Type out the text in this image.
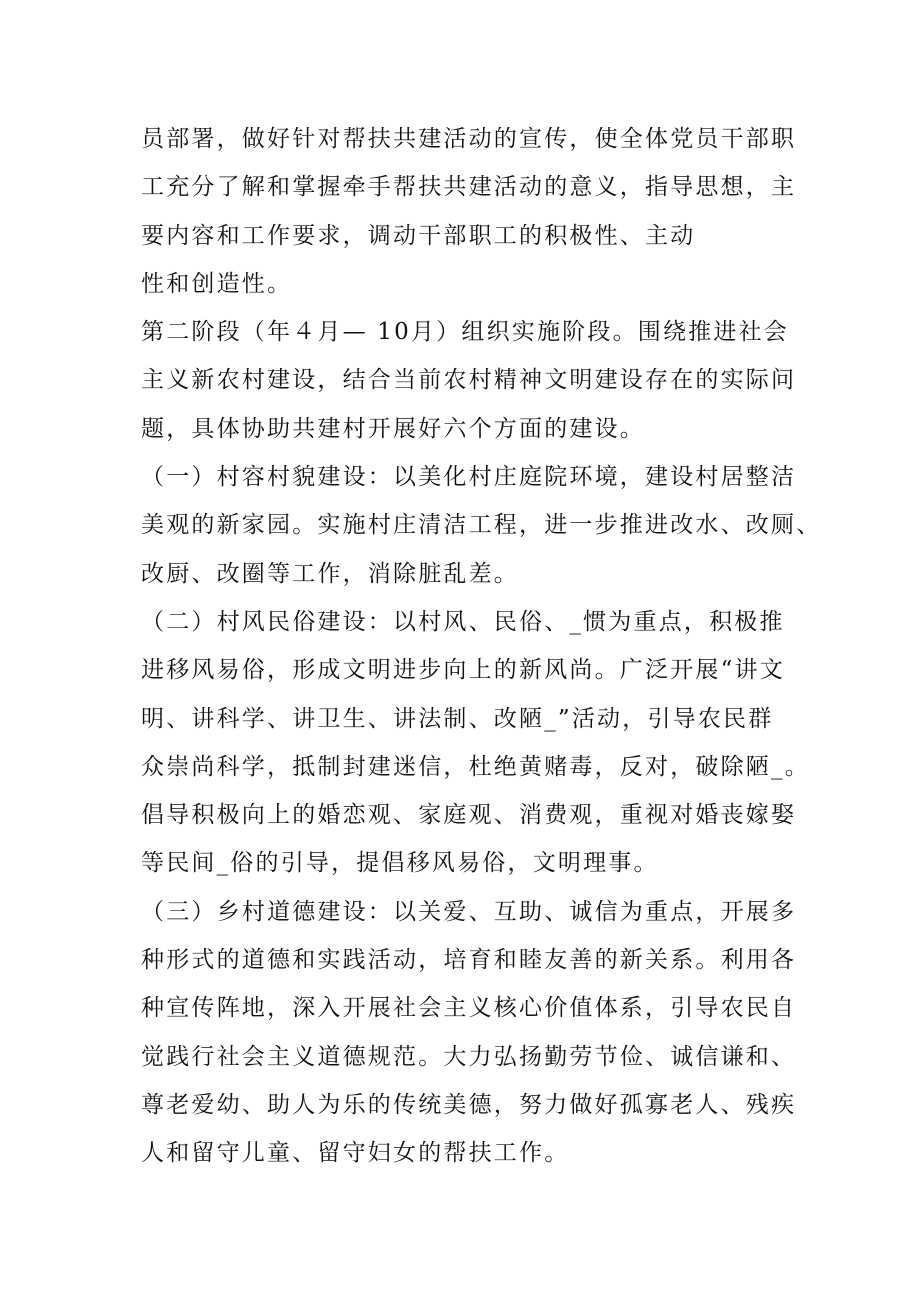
员部署，做好针对帮扶共建活动的宣传，使全体党员干部职
工充分了解和掌握牵手帮扶共建活动的意义，指导思想，主
要内容和工作要求，调动干部职工的积极性、主动
性和创造性。
第二阶段（年４月— 10月）组织实施阶段。围绕推进社会
主义新农村建设，结合当前农村精神文明建设存在的实际问
题，具体协助共建村开展好六个方面的建设。
（一）村容村貌建设：以美化村庄庭院环境，建设村居整洁
美观的新家园。实施村庄清洁工程，进一步推进改水、改厕、
改厨、改圈等工作，消除脏乱差。
（二）村风民俗建设：以村风、民俗、_惯为重点，积极推
进移风易俗，形成文明进步向上的新风尚。广泛开展“讲文
明、讲科学、讲卫生、讲法制、改陋_”活动，引导农民群
众崇尚科学，抵制封建迷信，杜绝黄赌毒，反对，破除陋_。
倡导积极向上的婚恋观、家庭观、消费观，重视对婚丧嫁娶
等民间_俗的引导，提倡移风易俗，文明理事。
（三）乡村道德建设：以关爱、互助、诚信为重点，开展多
种形式的道德和实践活动，培育和睦友善的新关系。利用各
种宣传阵地，深入开展社会主义核心价值体系，引导农民自
觉践行社会主义道德规范。大力弘扬勤劳节俭、诚信谦和、
尊老爱幼、助人为乐的传统美德，努力做好孤寡老人、残疾
人和留守儿童、留守妇女的帮扶工作。
